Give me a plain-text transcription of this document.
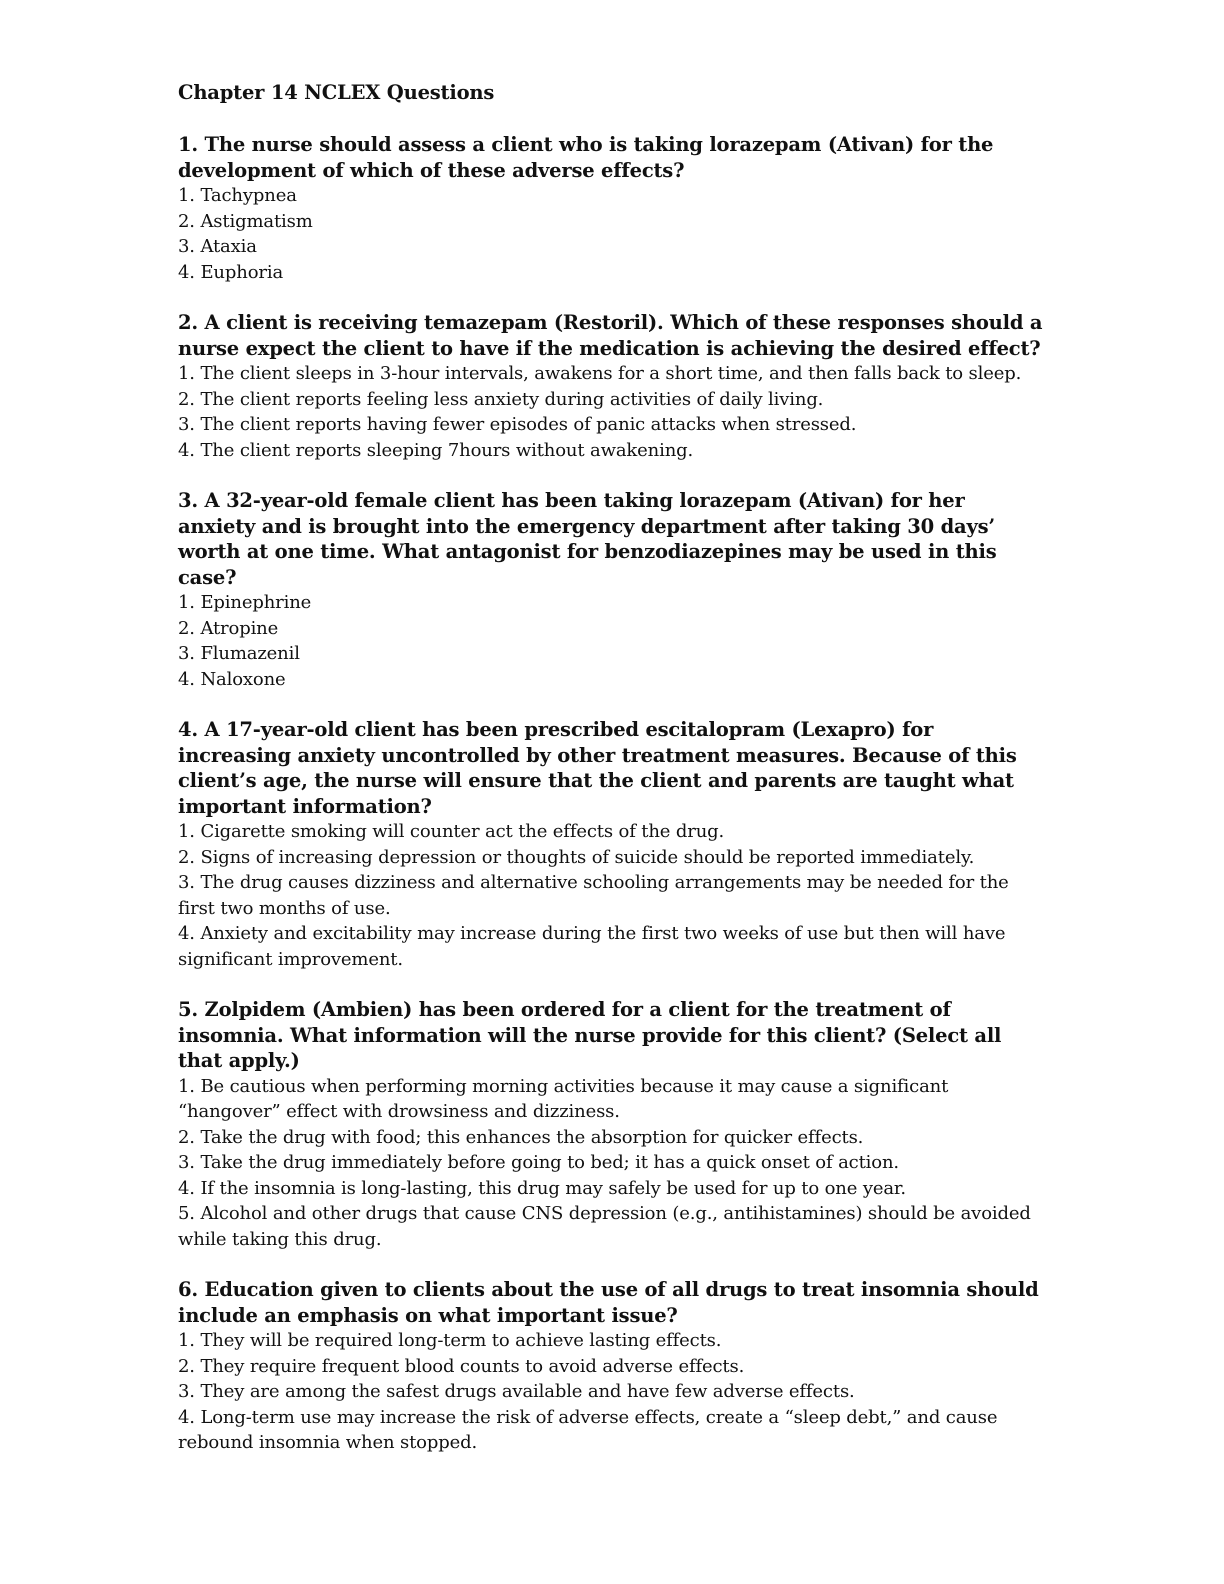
Chapter 14 NCLEX Questions

1. The nurse should assess a client who is taking lorazepam (Ativan) for the development of which of these adverse effects?

1. Tachypnea
2. Astigmatism
3. Ataxia
4. Euphoria

2. A client is receiving temazepam (Restoril). Which of these responses should a nurse expect the client to have if the medication is achieving the desired effect?

1. The client sleeps in 3-hour intervals, awakens for a short time, and then falls back to sleep.
2. The client reports feeling less anxiety during activities of daily living.
3. The client reports having fewer episodes of panic attacks when stressed.
4. The client reports sleeping 7hours without awakening.

3. A 32-year-old female client has been taking lorazepam (Ativan) for her anxiety and is brought into the emergency department after taking 30 days’ worth at one time. What antagonist for benzodiazepines may be used in this case?

1. Epinephrine
2. Atropine
3. Flumazenil
4. Naloxone

4. A 17-year-old client has been prescribed escitalopram (Lexapro) for increasing anxiety uncontrolled by other treatment measures. Because of this client’s age, the nurse will ensure that the client and parents are taught what important information?

1. Cigarette smoking will counter act the effects of the drug.
2. Signs of increasing depression or thoughts of suicide should be reported immediately.
3. The drug causes dizziness and alternative schooling arrangements may be needed for the first two months of use.
4. Anxiety and excitability may increase during the first two weeks of use but then will have significant improvement.

5. Zolpidem (Ambien) has been ordered for a client for the treatment of insomnia. What information will the nurse provide for this client? (Select all that apply.)

1. Be cautious when performing morning activities because it may cause a significant “hangover” effect with drowsiness and dizziness.
2. Take the drug with food; this enhances the absorption for quicker effects.
3. Take the drug immediately before going to bed; it has a quick onset of action.
4. If the insomnia is long-lasting, this drug may safely be used for up to one year.
5. Alcohol and other drugs that cause CNS depression (e.g., antihistamines) should be avoided while taking this drug.

6. Education given to clients about the use of all drugs to treat insomnia should include an emphasis on what important issue?

1. They will be required long-term to achieve lasting effects.
2. They require frequent blood counts to avoid adverse effects.
3. They are among the safest drugs available and have few adverse effects.
4. Long-term use may increase the risk of adverse effects, create a “sleep debt,” and cause rebound insomnia when stopped.
